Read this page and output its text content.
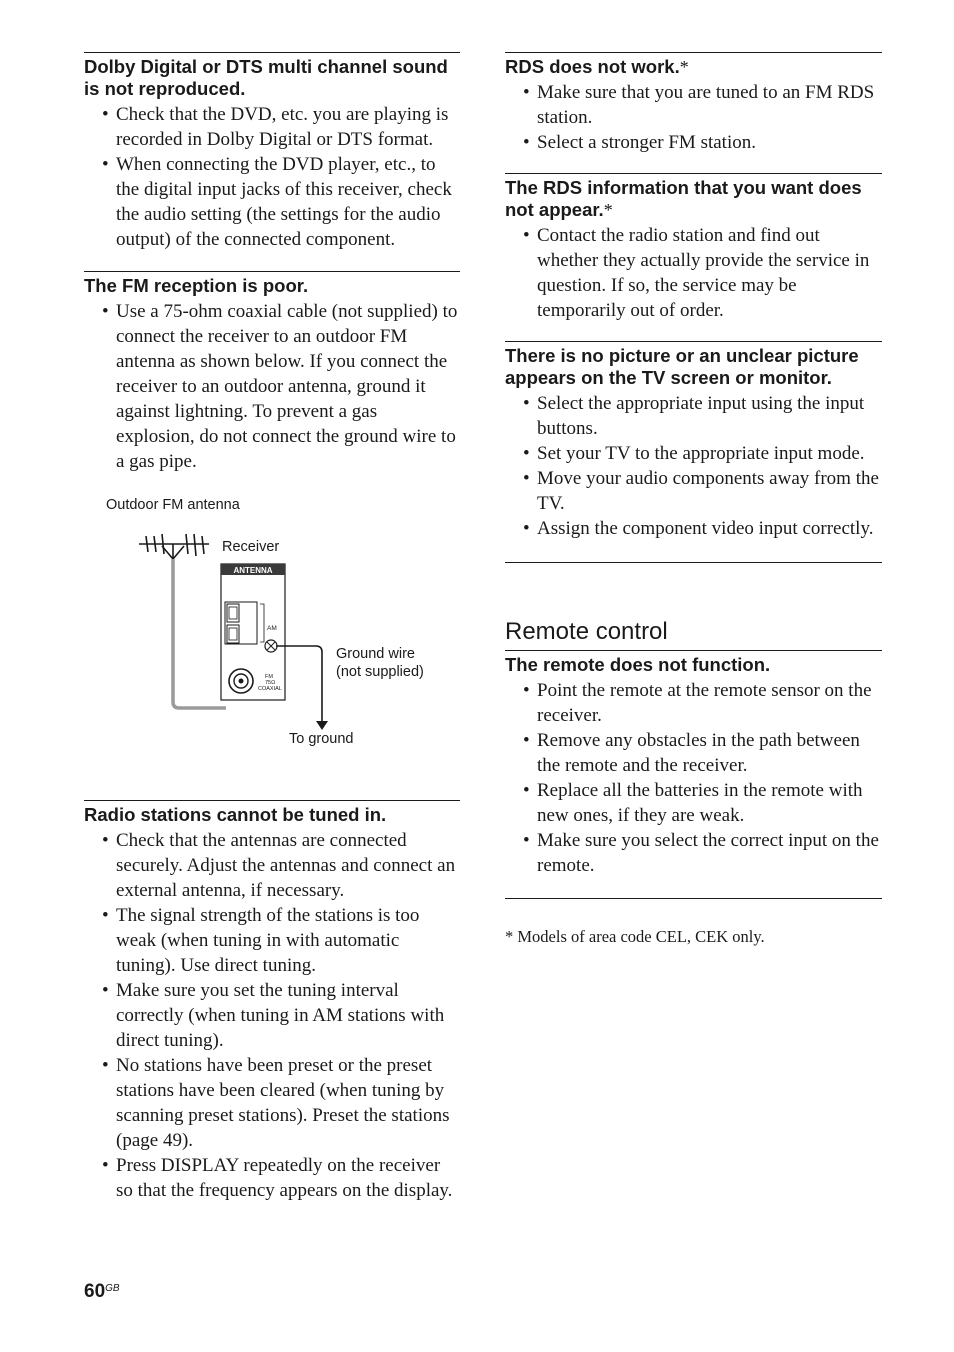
Dolby Digital or DTS multi channel sound is not reproduced.
• Check that the DVD, etc. you are playing is recorded in Dolby Digital or DTS format.
• When connecting the DVD player, etc., to the digital input jacks of this receiver, check the audio setting (the settings for the audio output) of the connected component.
The FM reception is poor.
• Use a 75-ohm coaxial cable (not supplied) to connect the receiver to an outdoor FM antenna as shown below. If you connect the receiver to an outdoor antenna, ground it against lightning. To prevent a gas explosion, do not connect the ground wire to a gas pipe.
ANTENNA
AM
FM
75Ω
COAXIAL
Outdoor FM antenna
Receiver
Ground wire
(not supplied)
To ground
Radio stations cannot be tuned in.
• Check that the antennas are connected securely. Adjust the antennas and connect an external antenna, if necessary.
• The signal strength of the stations is too weak (when tuning in with automatic tuning). Use direct tuning.
• Make sure you set the tuning interval correctly (when tuning in AM stations with direct tuning).
• No stations have been preset or the preset stations have been cleared (when tuning by scanning preset stations). Preset the stations (page 49).
• Press DISPLAY repeatedly on the receiver so that the frequency appears on the display.
RDS does not work.*
• Make sure that you are tuned to an FM RDS station.
• Select a stronger FM station.
The RDS information that you want does not appear.*
• Contact the radio station and find out whether they actually provide the service in question. If so, the service may be temporarily out of order.
There is no picture or an unclear picture appears on the TV screen or monitor.
• Select the appropriate input using the input buttons.
• Set your TV to the appropriate input mode.
• Move your audio components away from the TV.
• Assign the component video input correctly.
Remote control
The remote does not function.
• Point the remote at the remote sensor on the receiver.
• Remove any obstacles in the path between the remote and the receiver.
• Replace all the batteries in the remote with new ones, if they are weak.
• Make sure you select the correct input on the remote.
* Models of area code CEL, CEK only.
$60^{GB}$
